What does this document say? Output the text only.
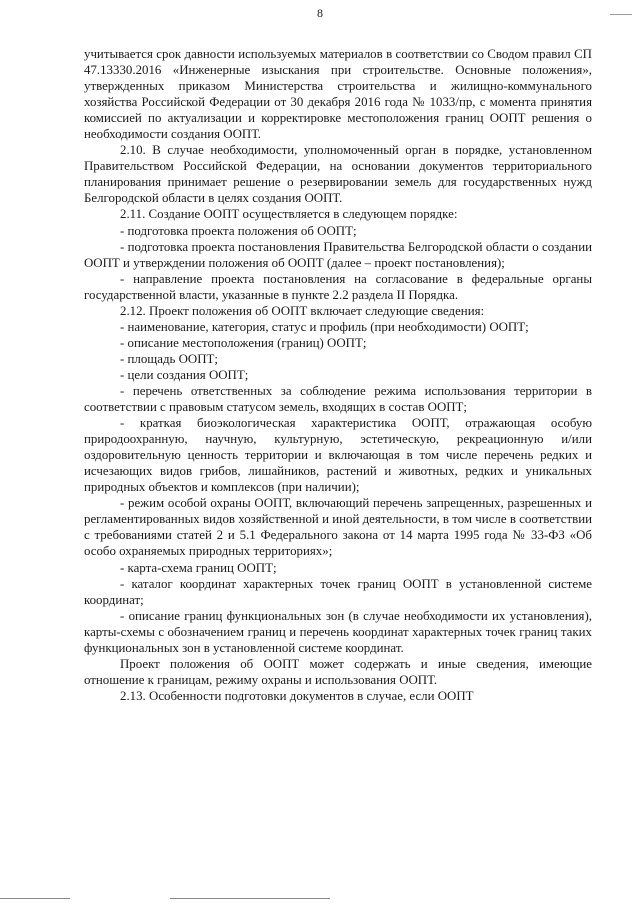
8

учитывается срок давности используемых материалов в соответствии со Сводом правил СП 47.13330.2016 «Инженерные изыскания при строительстве. Основные положения», утвержденных приказом Министерства строительства и жилищно-коммунального хозяйства Российской Федерации от 30 декабря 2016 года № 1033/пр, с момента принятия комиссией по актуализации и корректировке местоположения границ ООПТ решения о необходимости создания ООПТ.

2.10. В случае необходимости, уполномоченный орган в порядке, установленном Правительством Российской Федерации, на основании документов территориального планирования принимает решение о резервировании земель для государственных нужд Белгородской области в целях создания ООПТ.

2.11. Создание ООПТ осуществляется в следующем порядке:

- подготовка проекта положения об ООПТ;

- подготовка проекта постановления Правительства Белгородской области о создании ООПТ и утверждении положения об ООПТ (далее – проект постановления);

- направление проекта постановления на согласование в федеральные органы государственной власти, указанные в пункте 2.2 раздела II Порядка.

2.12. Проект положения об ООПТ включает следующие сведения:

- наименование, категория, статус и профиль (при необходимости) ООПТ;

- описание местоположения (границ) ООПТ;

- площадь ООПТ;

- цели создания ООПТ;

- перечень ответственных за соблюдение режима использования территории в соответствии с правовым статусом земель, входящих в состав ООПТ;

- краткая биоэкологическая характеристика ООПТ, отражающая особую природоохранную, научную, культурную, эстетическую, рекреационную и/или оздоровительную ценность территории и включающая в том числе перечень редких и исчезающих видов грибов, лишайников, растений и животных, редких и уникальных природных объектов и комплексов (при наличии);

- режим особой охраны ООПТ, включающий перечень запрещенных, разрешенных и регламентированных видов хозяйственной и иной деятельности, в том числе в соответствии с требованиями статей 2 и 5.1 Федерального закона от 14 марта 1995 года № 33-ФЗ «Об особо охраняемых природных территориях»;

- карта-схема границ ООПТ;

- каталог координат характерных точек границ ООПТ в установленной системе координат;

- описание границ функциональных зон (в случае необходимости их установления), карты-схемы с обозначением границ и перечень координат характерных точек границ таких функциональных зон в установленной системе координат.

Проект положения об ООПТ может содержать и иные сведения, имеющие отношение к границам, режиму охраны и использования ООПТ.

2.13. Особенности подготовки документов в случае, если ООПТ
